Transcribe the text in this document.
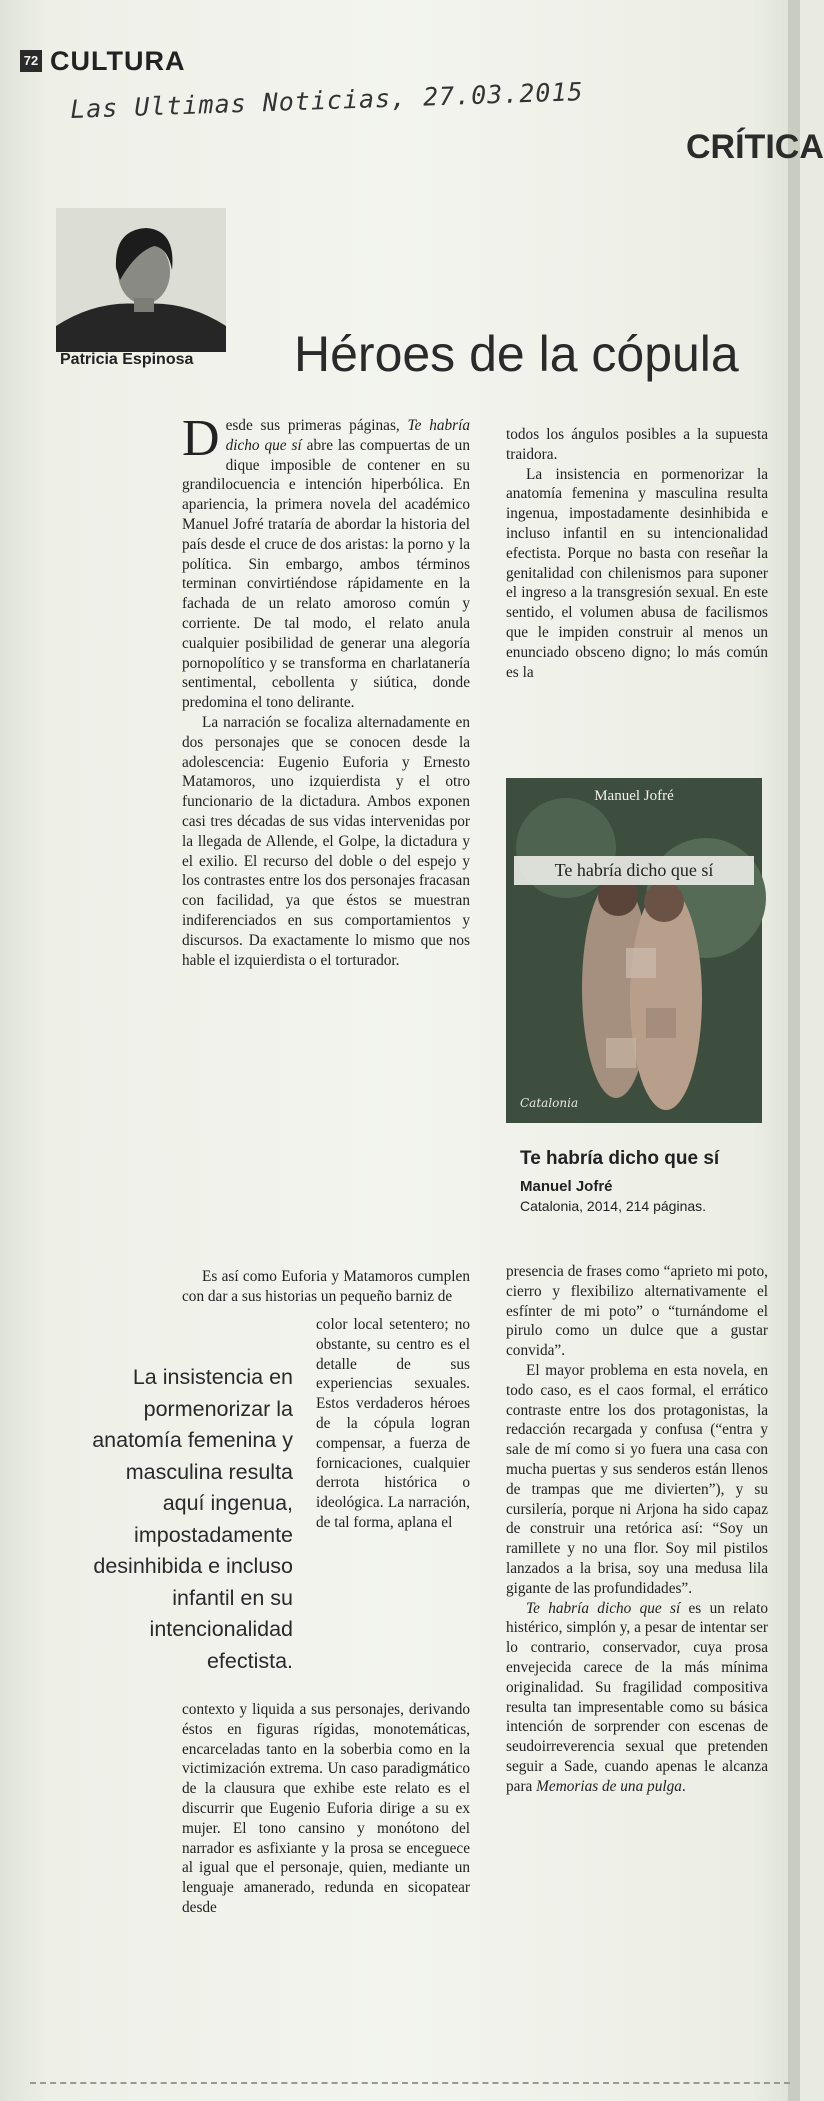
72 CULTURA
Las Ultimas Noticias, 27.03.2015
CRÍTICA
Patricia Espinosa Héroes de la cópula

Desde sus primeras páginas, Te habría dicho que sí abre las compuertas de un dique imposible de contener en su grandilocuencia e intención hiperbólica. En apariencia, la primera novela del académico Manuel Jofré trataría de abordar la historia del país desde el cruce de dos aristas: la porno y la política. Sin embargo, ambos términos terminan convirtiéndose rápidamente en la fachada de un relato amoroso común y corriente. De tal modo, el relato anula cualquier posibilidad de generar una alegoría pornopolítico y se transforma en charlatanería sentimental, cebollenta y siútica, donde predomina el tono delirante.

La narración se focaliza alternadamente en dos personajes que se conocen desde la adolescencia: Eugenio Euforia y Ernesto Matamoros, uno izquierdista y el otro funcionario de la dictadura. Ambos exponen casi tres décadas de sus vidas intervenidas por la llegada de Allende, el Golpe, la dictadura y el exilio. El recurso del doble o del espejo y los contrastes entre los dos personajes fracasan con facilidad, ya que éstos se muestran indiferenciados en sus comportamientos y discursos. Da exactamente lo mismo que nos hable el izquierdista o el torturador.

Es así como Euforia y Matamoros cumplen con dar a sus historias un pequeño barniz de

La insistencia en pormenorizar la anatomía femenina y masculina resulta aquí ingenua, impostadamente desinhibida e incluso infantil en su intencionalidad efectista.

color local setentero; no obstante, su centro es el detalle de sus experiencias sexuales. Estos verdaderos héroes de la cópula logran compensar, a fuerza de fornicaciones, cualquier derrota histórica o ideológica. La narración, de tal forma, aplana el

contexto y liquida a sus personajes, derivando éstos en figuras rígidas, monotemáticas, encarceladas tanto en la soberbia como en la victimización extrema. Un caso paradigmático de la clausura que exhibe este relato es el discurrir que Eugenio Euforia dirige a su ex mujer. El tono cansino y monótono del narrador es asfixiante y la prosa se enceguece al igual que el personaje, quien, mediante un lenguaje amanerado, redunda en sicopatear desde

todos los ángulos posibles a la supuesta traidora.

La insistencia en pormenorizar la anatomía femenina y masculina resulta ingenua, impostadamente desinhibida e incluso infantil en su intencionalidad efectista. Porque no basta con reseñar la genitalidad con chilenismos para suponer el ingreso a la transgresión sexual. En este sentido, el volumen abusa de facilismos que le impiden construir al menos un enunciado obsceno digno; lo más común es la

Manuel Jofré
Te habría dicho que sí
Catalonia
Te habría dicho que sí
Manuel Jofré
Catalonia, 2014, 214 páginas.

presencia de frases como “aprieto mi poto, cierro y flexibilizo alternativamente el esfínter de mi poto” o “turnándome el pirulo como un dulce que a gustar convida”.

El mayor problema en esta novela, en todo caso, es el caos formal, el errático contraste entre los dos protagonistas, la redacción recargada y confusa (“entra y sale de mí como si yo fuera una casa con mucha puertas y sus senderos están llenos de trampas que me divierten”), y su cursilería, porque ni Arjona ha sido capaz de construir una retórica así: “Soy un ramillete y no una flor. Soy mil pistilos lanzados a la brisa, soy una medusa lila gigante de las profundidades”.

Te habría dicho que sí es un relato histérico, simplón y, a pesar de intentar ser lo contrario, conservador, cuya prosa envejecida carece de la más mínima originalidad. Su fragilidad compositiva resulta tan impresentable como su básica intención de sorprender con escenas de seudoirreverencia sexual que pretenden seguir a Sade, cuando apenas le alcanza para Memorias de una pulga.
